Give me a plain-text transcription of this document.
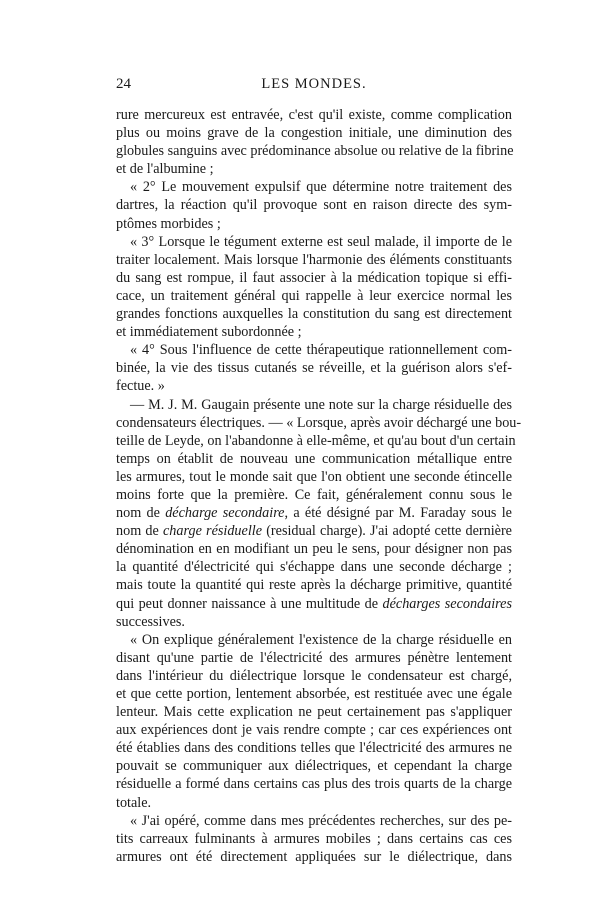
24	LES MONDES.
rure mercureux est entravée, c'est qu'il existe, comme complication
plus ou moins grave de la congestion initiale, une diminution des
globules sanguins avec prédominance absolue ou relative de la fibrine
et de l'albumine ;
« 2° Le mouvement expulsif que détermine notre traitement des
dartres, la réaction qu'il provoque sont en raison directe des sym-
ptômes morbides ;
« 3° Lorsque le tégument externe est seul malade, il importe de le
traiter localement. Mais lorsque l'harmonie des éléments constituants
du sang est rompue, il faut associer à la médication topique si effi-
cace, un traitement général qui rappelle à leur exercice normal les
grandes fonctions auxquelles la constitution du sang est directement
et immédiatement subordonnée ;
« 4° Sous l'influence de cette thérapeutique rationnellement com-
binée, la vie des tissus cutanés se réveille, et la guérison alors s'ef-
fectue. »
— M. J. M. Gaugain présente une note sur la charge résiduelle des
condensateurs électriques. — « Lorsque, après avoir déchargé une bou-
teille de Leyde, on l'abandonne à elle-même, et qu'au bout d'un certain
temps on établit de nouveau une communication métallique entre
les armures, tout le monde sait que l'on obtient une seconde étincelle
moins forte que la première. Ce fait, généralement connu sous le
nom de décharge secondaire, a été désigné par M. Faraday sous le
nom de charge résiduelle (residual charge). J'ai adopté cette dernière
dénomination en en modifiant un peu le sens, pour désigner non pas
la quantité d'électricité qui s'échappe dans une seconde décharge ;
mais toute la quantité qui reste après la décharge primitive, quantité
qui peut donner naissance à une multitude de décharges secondaires
successives.
« On explique généralement l'existence de la charge résiduelle en
disant qu'une partie de l'électricité des armures pénètre lentement
dans l'intérieur du diélectrique lorsque le condensateur est chargé,
et que cette portion, lentement absorbée, est restituée avec une égale
lenteur. Mais cette explication ne peut certainement pas s'appliquer
aux expériences dont je vais rendre compte ; car ces expériences ont
été établies dans des conditions telles que l'électricité des armures ne
pouvait se communiquer aux diélectriques, et cependant la charge
résiduelle a formé dans certains cas plus des trois quarts de la charge
totale.
« J'ai opéré, comme dans mes précédentes recherches, sur des pe-
tits carreaux fulminants à armures mobiles ; dans certains cas ces
armures ont été directement appliquées sur le diélectrique, dans
